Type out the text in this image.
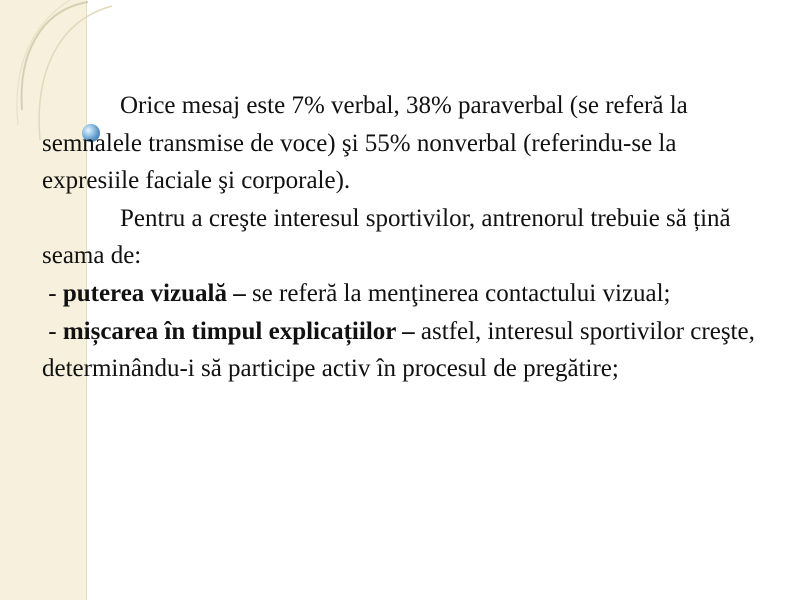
Orice mesaj este 7% verbal, 38% paraverbal (se referă la semnalele transmise de voce) şi 55% nonverbal (referindu-se la expresiile faciale şi corporale).

Pentru a creşte interesul sportivilor, antrenorul trebuie să țină seama de:

- puterea vizuală – se referă la menţinerea contactului vizual;

- mișcarea în timpul explicațiilor – astfel, interesul sportivilor creşte, determinându-i să participe activ în procesul de pregătire;
